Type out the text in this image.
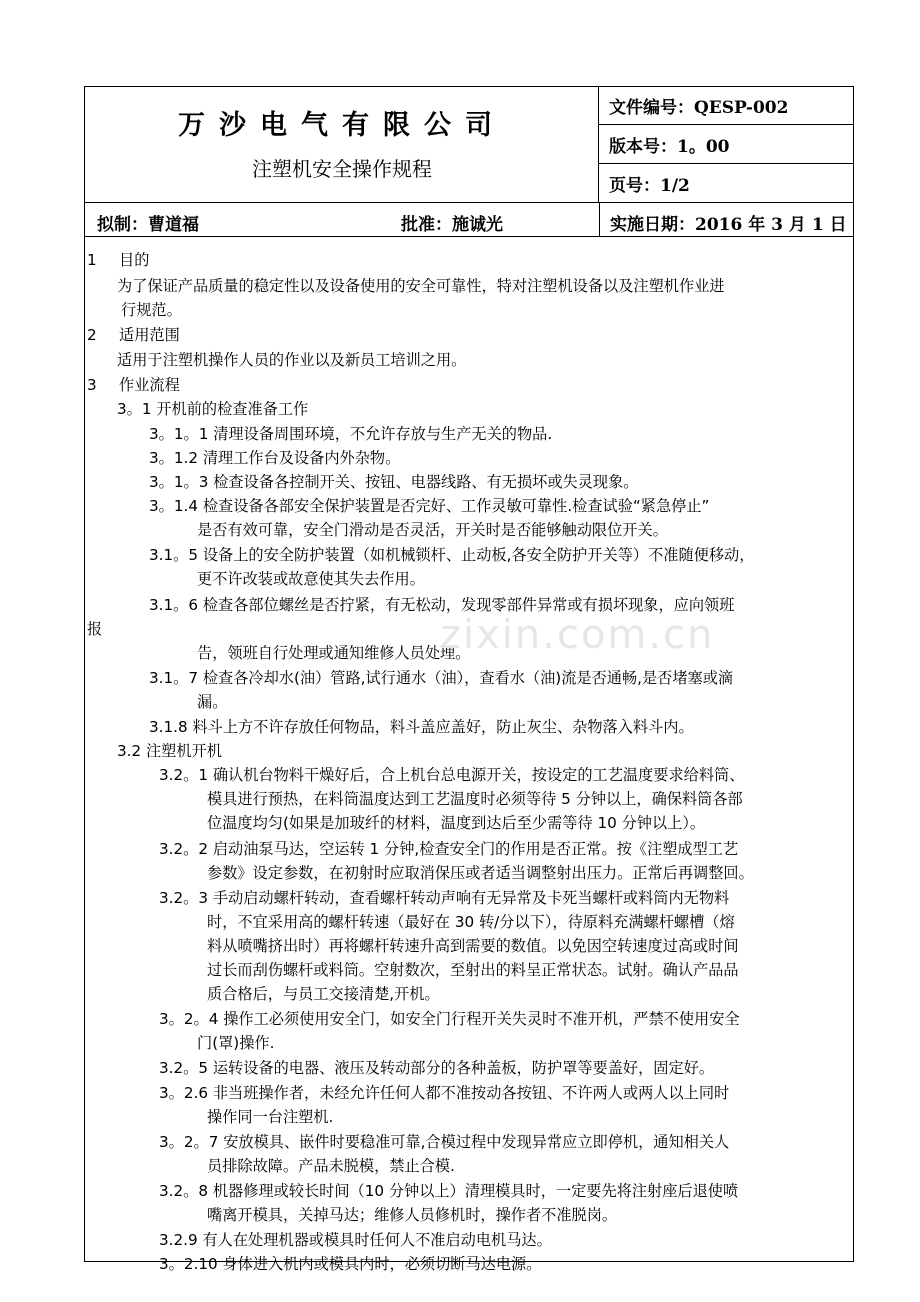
万沙电气有限公司
注塑机安全操作规程
文件编号：QESP-002
版本号：1。00
页号：1/2
拟制：曹道福	批准：施诚光	实施日期：2016 年 3 月 1 日
1 目的
为了保证产品质量的稳定性以及设备使用的安全可靠性，特对注塑机设备以及注塑机作业进
行规范。
2 适用范围
适用于注塑机操作人员的作业以及新员工培训之用。
3 作业流程
3。1 开机前的检查准备工作
3。1。1 清理设备周围环境，不允许存放与生产无关的物品.
3。1.2 清理工作台及设备内外杂物。
3。1。3 检查设备各控制开关、按钮、电器线路、有无损坏或失灵现象。
3。1.4 检查设备各部安全保护装置是否完好、工作灵敏可靠性.检查试验“紧急停止”
是否有效可靠，安全门滑动是否灵活，开关时是否能够触动限位开关。
3.1。5 设备上的安全防护装置（如机械锁杆、止动板,各安全防护开关等）不准随便移动，
更不许改装或故意使其失去作用。
3.1。6 检查各部位螺丝是否拧紧，有无松动，发现零部件异常或有损坏现象，应向领班
报
告，领班自行处理或通知维修人员处理。
3.1。7 检查各冷却水(油）管路,试行通水（油），查看水（油)流是否通畅,是否堵塞或滴
漏。
3.1.8 料斗上方不许存放任何物品，料斗盖应盖好，防止灰尘、杂物落入料斗内。
3.2 注塑机开机
3.2。1 确认机台物料干燥好后，合上机台总电源开关，按设定的工艺温度要求给料筒、
模具进行预热，在料筒温度达到工艺温度时必须等待 5 分钟以上，确保料筒各部
位温度均匀(如果是加玻纤的材料，温度到达后至少需等待 10 分钟以上）。
3.2。2 启动油泵马达，空运转 1 分钟,检查安全门的作用是否正常。按《注塑成型工艺
参数》设定参数，在初射时应取消保压或者适当调整射出压力。正常后再调整回。
3.2。3 手动启动螺杆转动，查看螺杆转动声响有无异常及卡死当螺杆或料筒内无物料
时，不宜采用高的螺杆转速（最好在 30 转/分以下），待原料充满螺杆螺槽（熔
料从喷嘴挤出时）再将螺杆转速升高到需要的数值。以免因空转速度过高或时间
过长而刮伤螺杆或料筒。空射数次，至射出的料呈正常状态。试射。确认产品品
质合格后，与员工交接清楚,开机。
3。2。4 操作工必须使用安全门，如安全门行程开关失灵时不准开机，严禁不使用安全
门(罩)操作.
3.2。5 运转设备的电器、液压及转动部分的各种盖板，防护罩等要盖好，固定好。
3。2.6 非当班操作者，未经允许任何人都不准按动各按钮、不许两人或两人以上同时
操作同一台注塑机.
3。2。7 安放模具、嵌件时要稳准可靠,合模过程中发现异常应立即停机，通知相关人
员排除故障。产品未脱模，禁止合模.
3.2。8 机器修理或较长时间（10 分钟以上）清理模具时，一定要先将注射座后退使喷
嘴离开模具，关掉马达；维修人员修机时，操作者不准脱岗。
3.2.9 有人在处理机器或模具时任何人不准启动电机马达。
3。2.10 身体进入机内或模具内时，必须切断马达电源。
zixin.com.cn
